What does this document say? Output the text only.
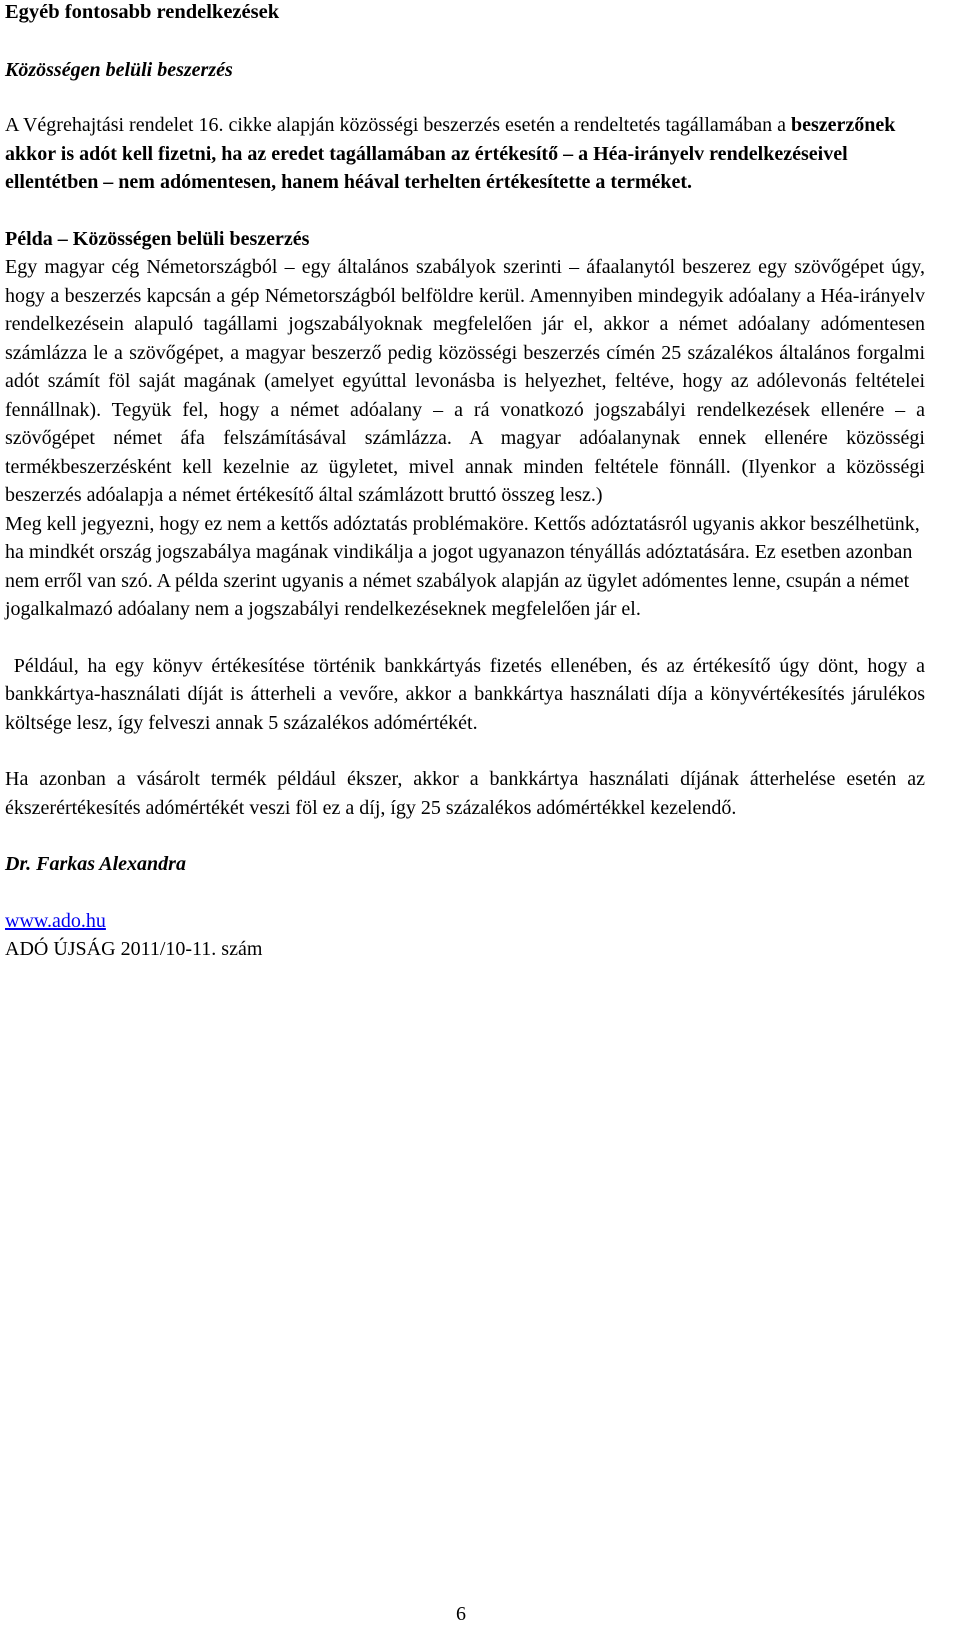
Egyéb fontosabb rendelkezések

Közösségen belüli beszerzés

A Végrehajtási rendelet 16. cikke alapján közösségi beszerzés esetén a rendeltetés tagállamában a beszerzőnek akkor is adót kell fizetni, ha az eredet tagállamában az értékesítő – a Héa-irányelv rendelkezéseivel ellentétben – nem adómentesen, hanem héával terhelten értékesítette a terméket.

Példa – Közösségen belüli beszerzés

Egy magyar cég Németországból – egy általános szabályok szerinti – áfaalanytól beszerez egy szövőgépet úgy, hogy a beszerzés kapcsán a gép Németországból belföldre kerül. Amennyiben mindegyik adóalany a Héa-irányelv rendelkezésein alapuló tagállami jogszabályoknak megfelelően jár el, akkor a német adóalany adómentesen számlázza le a szövőgépet, a magyar beszerző pedig közösségi beszerzés címén 25 százalékos általános forgalmi adót számít föl saját magának (amelyet egyúttal levonásba is helyezhet, feltéve, hogy az adólevonás feltételei fennállnak). Tegyük fel, hogy a német adóalany – a rá vonatkozó jogszabályi rendelkezések ellenére – a szövőgépet német áfa felszámításával számlázza. A magyar adóalanynak ennek ellenére közösségi termékbeszerzésként kell kezelnie az ügyletet, mivel annak minden feltétele fönnáll. (Ilyenkor a közösségi beszerzés adóalapja a német értékesítő által számlázott bruttó összeg lesz.)

Meg kell jegyezni, hogy ez nem a kettős adóztatás problémaköre. Kettős adóztatásról ugyanis akkor beszélhetünk, ha mindkét ország jogszabálya magának vindikálja a jogot ugyanazon tényállás adóztatására. Ez esetben azonban nem erről van szó. A példa szerint ugyanis a német szabályok alapján az ügylet adómentes lenne, csupán a német jogalkalmazó adóalany nem a jogszabályi rendelkezéseknek megfelelően jár el.

Például, ha egy könyv értékesítése történik bankkártyás fizetés ellenében, és az értékesítő úgy dönt, hogy a bankkártya-használati díját is átterheli a vevőre, akkor a bankkártya használati díja a könyvértékesítés járulékos költsége lesz, így felveszi annak 5 százalékos adómértékét.

Ha azonban a vásárolt termék például ékszer, akkor a bankkártya használati díjának átterhelése esetén az ékszerértékesítés adómértékét veszi föl ez a díj, így 25 százalékos adómértékkel kezelendő.

Dr. Farkas Alexandra

www.ado.hu

ADÓ ÚJSÁG 2011/10-11. szám

6
